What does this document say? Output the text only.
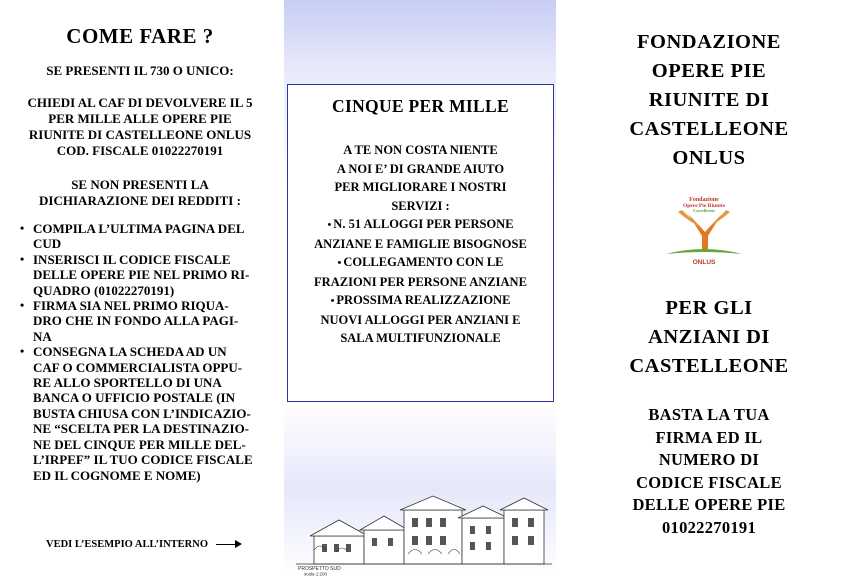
COME FARE ?
SE PRESENTI IL 730 O UNICO:
CHIEDI AL CAF DI DEVOLVERE IL 5
PER MILLE ALLE OPERE PIE
RIUNITE DI CASTELLEONE ONLUS
COD. FISCALE 01022270191
SE NON PRESENTI LA
DICHIARAZIONE DEI REDDITI :
• COMPILA L’ULTIMA PAGINA DEL
CUD
• INSERISCI IL CODICE FISCALE
DELLE OPERE PIE NEL PRIMO RI-
QUADRO (01022270191)
• FIRMA SIA NEL PRIMO RIQUA-
DRO CHE IN FONDO ALLA PAGI-
NA
• CONSEGNA LA SCHEDA AD UN
CAF O COMMERCIALISTA OPPU-
RE ALLO SPORTELLO DI UNA
BANCA O UFFICIO POSTALE (IN
BUSTA CHIUSA CON L’INDICAZIO-
NE “SCELTA PER LA DESTINAZIO-
NE DEL CINQUE PER MILLE DEL-
L’IRPEF” IL TUO CODICE FISCALE
ED IL COGNOME E NOME)
VEDI L’ESEMPIO ALL’INTERNO
CINQUE PER MILLE
A TE NON COSTA NIENTE
A NOI E’ DI GRANDE AIUTO
PER MIGLIORARE I NOSTRI
SERVIZI :
• N. 51 ALLOGGI PER PERSONE
ANZIANE E FAMIGLIE BISOGNOSE
• COLLEGAMENTO CON LE
FRAZIONI PER PERSONE ANZIANE
• PROSSIMA REALIZZAZIONE
NUOVI ALLOGGI PER ANZIANI E
SALA MULTIFUNZIONALE
PROSPETTO SUD
scala 1:200
FONDAZIONE
OPERE PIE
RIUNITE DI
CASTELLEONE
ONLUS
Fondazione
Opere Pie Riunite
Castelleone
ONLUS
PER GLI
ANZIANI DI
CASTELLEONE
BASTA LA TUA
FIRMA ED IL
NUMERO DI
CODICE FISCALE
DELLE OPERE PIE
01022270191
